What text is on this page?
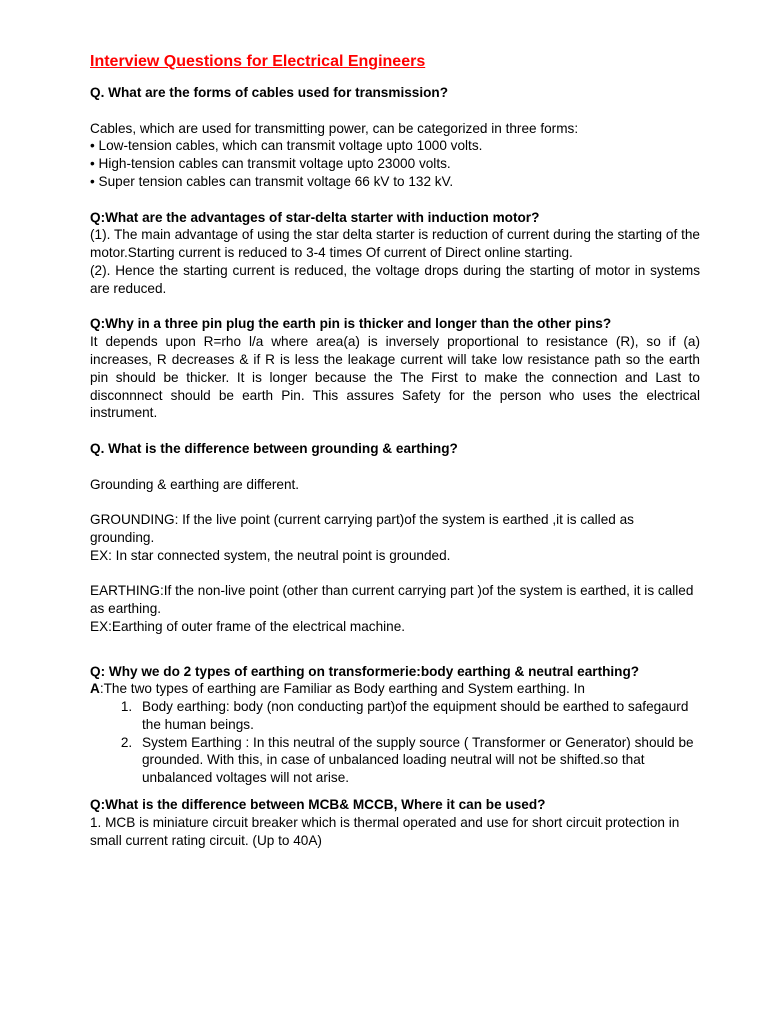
Interview Questions for Electrical Engineers

Q. What are the forms of cables used for transmission?

Cables, which are used for transmitting power, can be categorized in three forms:

• Low-tension cables, which can transmit voltage upto 1000 volts.

• High-tension cables can transmit voltage upto 23000 volts.

• Super tension cables can transmit voltage 66 kV to 132 kV.

Q:What are the advantages of star-delta starter with induction motor?

(1). The main advantage of using the star delta starter is reduction of current during the starting of the motor.Starting current is reduced to 3-4 times Of current of Direct online starting.

(2). Hence the starting current is reduced, the voltage drops during the starting of motor in systems are reduced.

Q:Why in a three pin plug the earth pin is thicker and longer than the other pins?

It depends upon R=rho l/a where area(a) is inversely proportional to resistance (R), so if (a) increases, R decreases & if R is less the leakage current will take low resistance path so the earth pin should be thicker. It is longer because the The First to make the connection and Last to disconnnect should be earth Pin. This assures Safety for the person who uses the electrical instrument.

Q. What is the difference between grounding & earthing?

Grounding & earthing are different.

GROUNDING: If the live point (current carrying part)of the system is earthed ,it is called as grounding.

EX: In star connected system, the neutral point is grounded.

EARTHING:If the non-live point (other than current carrying part )of the system is earthed, it is called as earthing.

EX:Earthing of outer frame of the electrical machine.

Q: Why we do 2 types of earthing on transformerie:body earthing & neutral earthing?

A:The two types of earthing are Familiar as Body earthing and System earthing. In

1. Body earthing: body (non conducting part)of the equipment should be earthed to safegaurd the human beings.
2. System Earthing : In this neutral of the supply source ( Transformer or Generator) should be grounded. With this, in case of unbalanced loading neutral will not be shifted.so that unbalanced voltages will not arise.

Q:What is the difference between MCB& MCCB, Where it can be used?

1. MCB is miniature circuit breaker which is thermal operated and use for short circuit protection in small current rating circuit. (Up to 40A)
